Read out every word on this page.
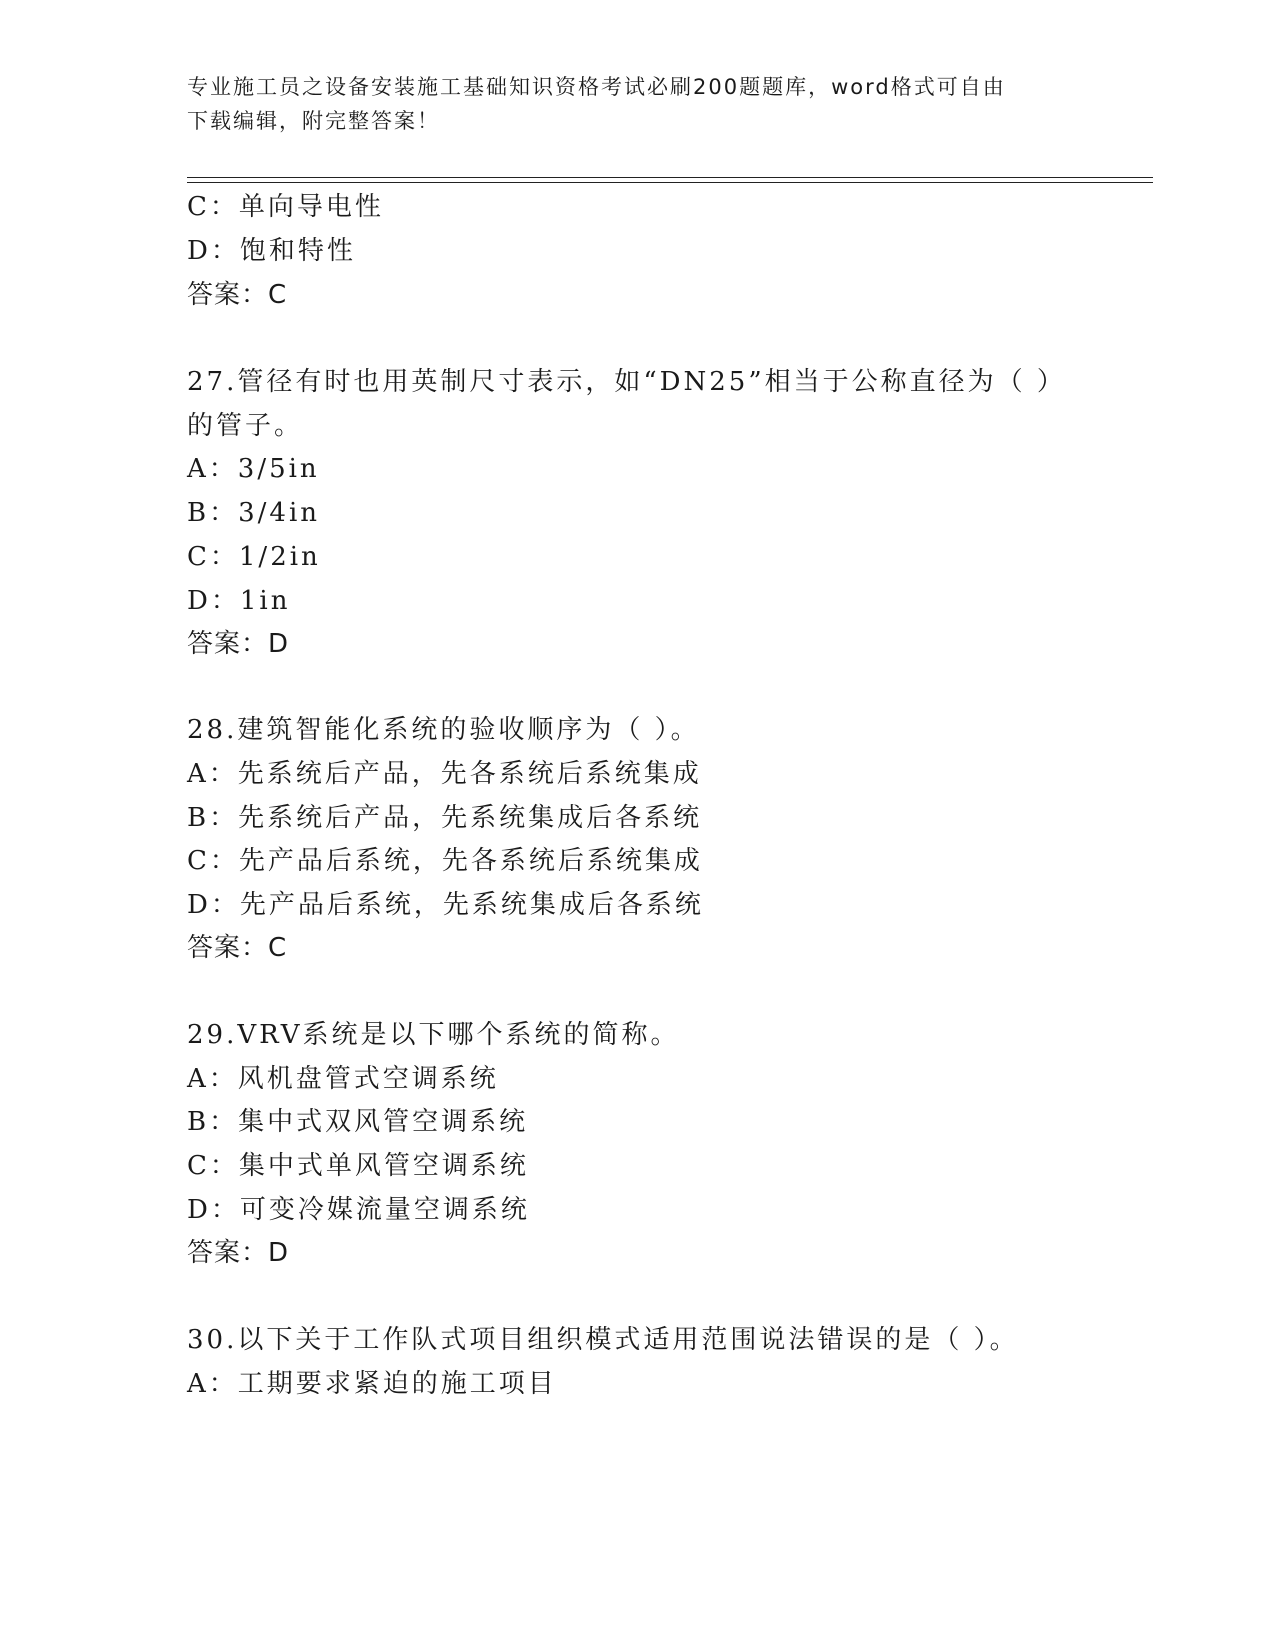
专业施工员之设备安装施工基础知识资格考试必刷200题题库，word格式可自由
下载编辑，附完整答案！
C：单向导电性
D：饱和特性
答案：C
27.管径有时也用英制尺寸表示，如“DN25”相当于公称直径为（ ）
的管子。
A：3/5in
B：3/4in
C：1/2in
D：1in
答案：D
28.建筑智能化系统的验收顺序为（ ）。
A：先系统后产品，先各系统后系统集成
B：先系统后产品，先系统集成后各系统
C：先产品后系统，先各系统后系统集成
D：先产品后系统，先系统集成后各系统
答案：C
29.VRV系统是以下哪个系统的简称。
A：风机盘管式空调系统
B：集中式双风管空调系统
C：集中式单风管空调系统
D：可变冷媒流量空调系统
答案：D
30.以下关于工作队式项目组织模式适用范围说法错误的是（ ）。
A：工期要求紧迫的施工项目
